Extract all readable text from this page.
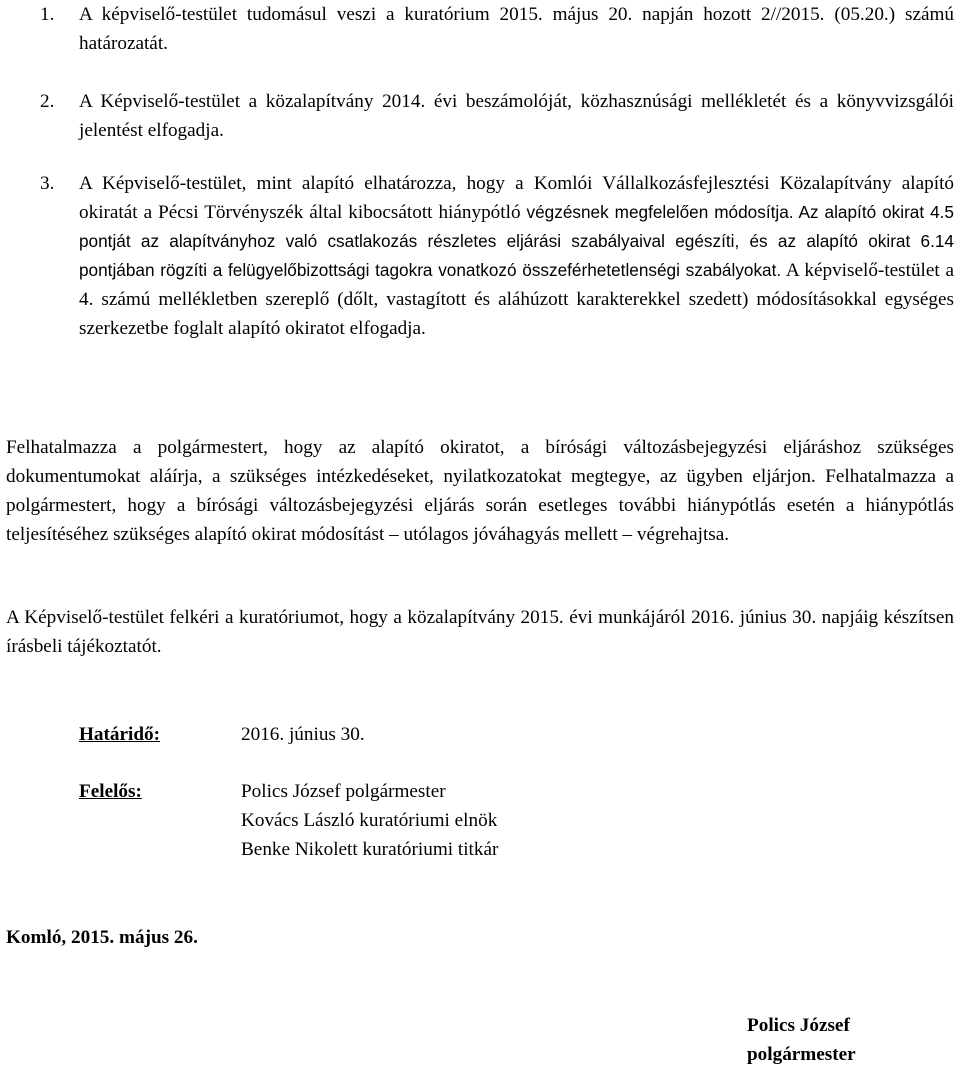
1. A képviselő-testület tudomásul veszi a kuratórium 2015. május 20. napján hozott 2//2015. (05.20.) számú határozatát.
2. A Képviselő-testület a közalapítvány 2014. évi beszámolóját, közhasznúsági mellékletét és a könyvvizsgálói jelentést elfogadja.
3. A Képviselő-testület, mint alapító elhatározza, hogy a Komlói Vállalkozásfejlesztési Közalapítvány alapító okiratát a Pécsi Törvényszék által kibocsátott hiánypótló végzésnek megfelelően módosítja. Az alapító okirat 4.5 pontját az alapítványhoz való csatlakozás részletes eljárási szabályaival egészíti, és az alapító okirat 6.14 pontjában rögzíti a felügyelőbizottsági tagokra vonatkozó összeférhetetlenségi szabályokat. A képviselő-testület a 4. számú mellékletben szereplő (dőlt, vastagított és aláhúzott karakterekkel szedett) módosításokkal egységes szerkezetbe foglalt alapító okiratot elfogadja.
Felhatalmazza a polgármestert, hogy az alapító okiratot, a bírósági változásbejegyzési eljáráshoz szükséges dokumentumokat aláírja, a szükséges intézkedéseket, nyilatkozatokat megtegye, az ügyben eljárjon. Felhatalmazza a polgármestert, hogy a bírósági változásbejegyzési eljárás során esetleges további hiánypótlás esetén a hiánypótlás teljesítéséhez szükséges alapító okirat módosítást – utólagos jóváhagyás mellett – végrehajtsa.
A Képviselő-testület felkéri a kuratóriumot, hogy a közalapítvány 2015. évi munkájáról 2016. június 30. napjáig készítsen írásbeli tájékoztatót.
Határidő:	2016. június 30.
Felelős:	Polics József polgármester
Kovács László kuratóriumi elnök
Benke Nikolett kuratóriumi titkár
Komló, 2015. május 26.
Polics József
polgármester
